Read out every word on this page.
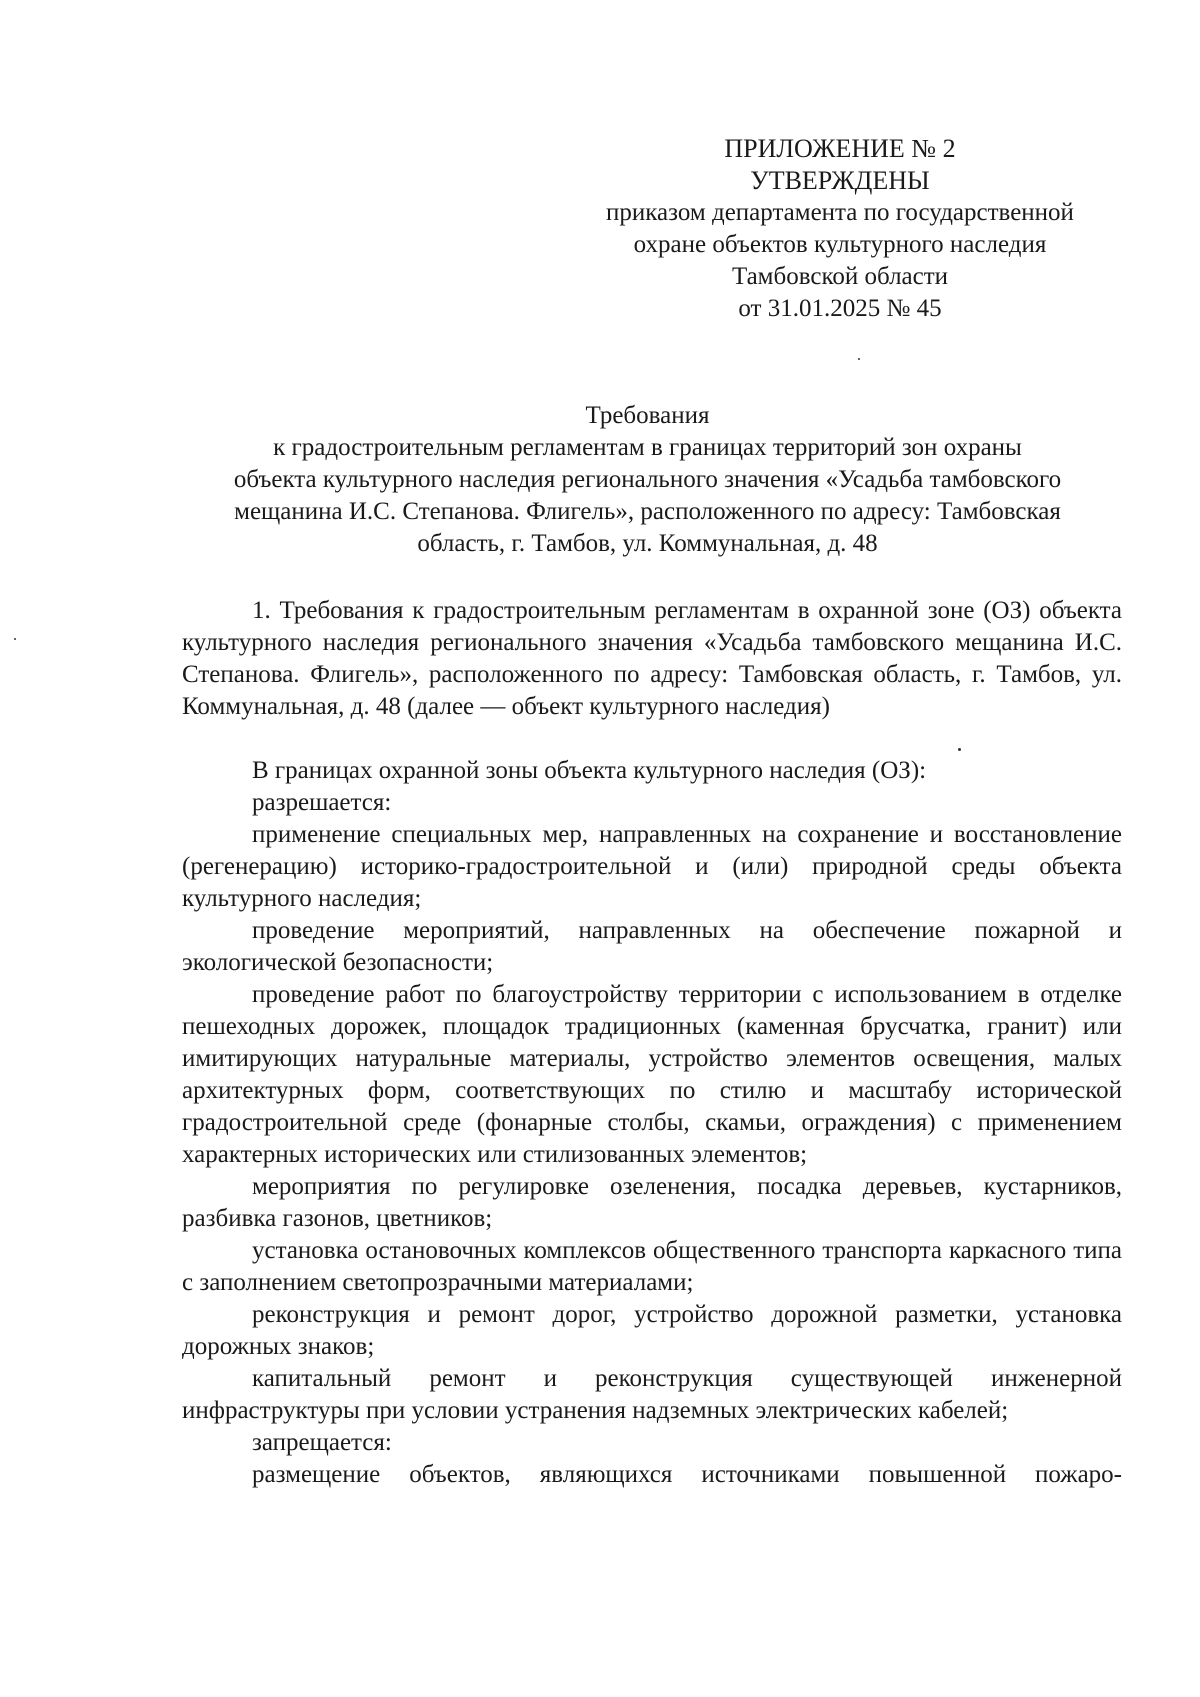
ПРИЛОЖЕНИЕ № 2
УТВЕРЖДЕНЫ
приказом департамента по государственной
охране объектов культурного наследия
Тамбовской области
от 31.01.2025 № 45
Требования
к градостроительным регламентам в границах территорий зон охраны
объекта культурного наследия регионального значения «Усадьба тамбовского
мещанина И.С. Степанова. Флигель», расположенного по адресу: Тамбовская
область, г. Тамбов, ул. Коммунальная, д. 48

1. Требования к градостроительным регламентам в охранной зоне (ОЗ) объекта культурного наследия регионального значения «Усадьба тамбовского мещанина И.С. Степанова. Флигель», расположенного по адресу: Тамбовская область, г. Тамбов, ул. Коммунальная, д. 48 (далее — объект культурного наследия)

В границах охранной зоны объекта культурного наследия (ОЗ):

разрешается:

применение специальных мер, направленных на сохранение и восстановление (регенерацию) историко-градостроительной и (или) природной среды объекта культурного наследия;

проведение мероприятий, направленных на обеспечение пожарной и экологической безопасности;

проведение работ по благоустройству территории с использованием в отделке пешеходных дорожек, площадок традиционных (каменная брусчатка, гранит) или имитирующих натуральные материалы, устройство элементов освещения, малых архитектурных форм, соответствующих по стилю и масштабу исторической градостроительной среде (фонарные столбы, скамьи, ограждения) с применением характерных исторических или стилизованных элементов;

мероприятия по регулировке озеленения, посадка деревьев, кустарников, разбивка газонов, цветников;

установка остановочных комплексов общественного транспорта каркасного типа с заполнением светопрозрачными материалами;

реконструкция и ремонт дорог, устройство дорожной разметки, установка дорожных знаков;

капитальный ремонт и реконструкция существующей инженерной инфраструктуры при условии устранения надземных электрических кабелей;

запрещается:

размещение объектов, являющихся источниками повышенной пожаро-
